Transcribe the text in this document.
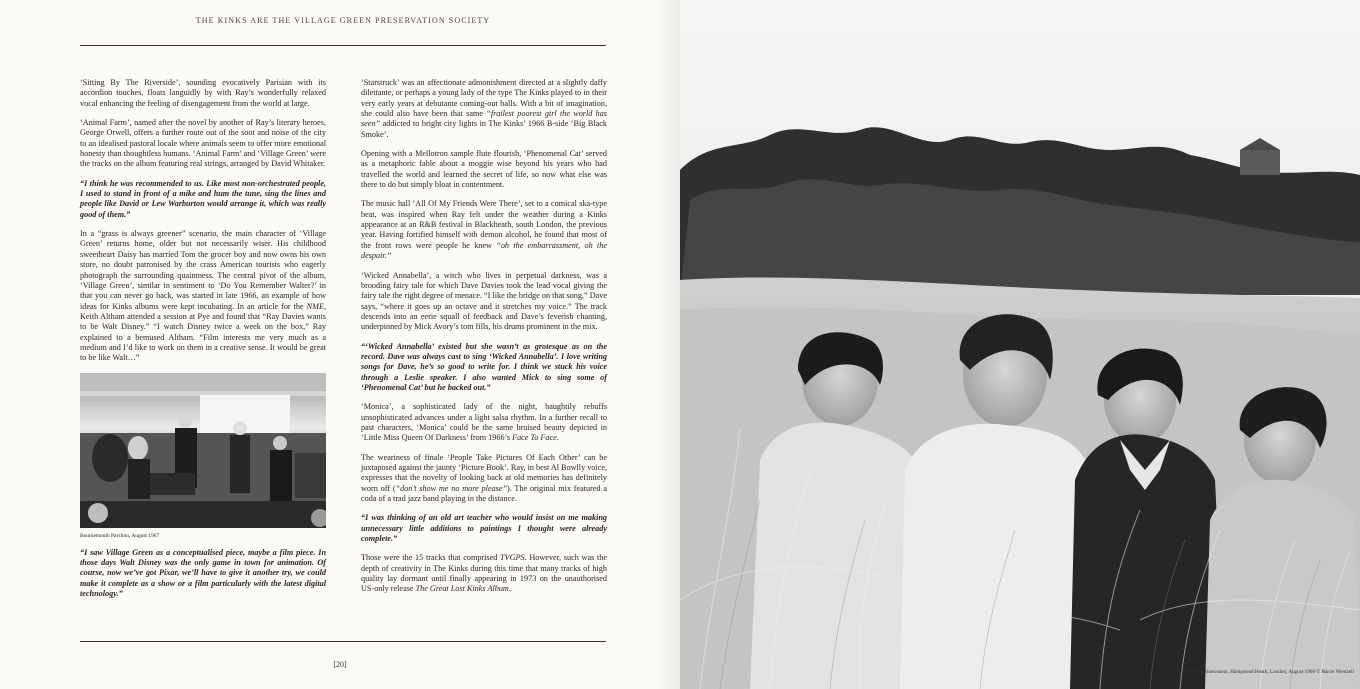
THE KINKS ARE THE VILLAGE GREEN PRESERVATION SOCIETY

‘Sitting By The Riverside’, sounding evocatively Parisian with its accordion touches, floats languidly by with Ray’s wonderfully relaxed vocal enhancing the feeling of disengagement from the world at large.

‘Animal Farm’, named after the novel by another of Ray’s literary heroes, George Orwell, offers a further route out of the soot and noise of the city to an idealised pastoral locale where animals seem to offer more emotional honesty than thoughtless humans. ‘Animal Farm’ and ‘Village Green’ were the tracks on the album featuring real strings, arranged by David Whitaker.

“I think he was recommended to us. Like most non-orchestrated people, I used to stand in front of a mike and hum the tune, sing the lines and people like David or Lew Warburton would arrange it, which was really good of them.”

In a “grass is always greener” scenario, the main character of ‘Village Green’ returns home, older but not necessarily wiser. His childhood sweetheart Daisy has married Tom the grocer boy and now owns his own store, no doubt patronised by the crass American tourists who eagerly photograph the surrounding quaintness. The central pivot of the album, ‘Village Green’, similar in sentiment to ‘Do You Remember Walter?’ in that you can never go back, was started in late 1966, an example of how ideas for Kinks albums were kept incubating. In an article for the NME, Keith Altham attended a session at Pye and found that “Ray Davies wants to be Walt Disney.” “I watch Disney twice a week on the box,” Ray explained to a bemused Altham. “Film interests me very much as a medium and I’d like to work on them in a creative sense. It would be great to be like Walt…”

Bournemouth Pavilion, August 1967

“I saw Village Green as a conceptualised piece, maybe a film piece. In those days Walt Disney was the only game in town for animation. Of course, now we’ve got Pixar, we’ll have to give it another try, we could make it complete as a show or a film particularly with the latest digital technology.”

‘Starstruck’ was an affectionate admonishment directed at a slightly daffy dilettante, or perhaps a young lady of the type The Kinks played to in their very early years at debutante coming-out balls. With a bit of imagination, she could also have been that same “frailest poorest girl the world has seen” addicted to bright city lights in The Kinks’ 1966 B-side ‘Big Black Smoke’.

Opening with a Mellotron sample flute flourish, ‘Phenomenal Cat’ served as a metaphoric fable about a moggie wise beyond his years who had travelled the world and learned the secret of life, so now what else was there to do but simply bloat in contentment.

The music hall ‘All Of My Friends Were There’, set to a comical ska-type beat, was inspired when Ray felt under the weather during a Kinks appearance at an R&B festival in Blackheath, south London, the previous year. Having fortified himself with demon alcohol, he found that most of the front rows were people he knew “oh the embarrassment, oh the despair.”

‘Wicked Annabella’, a witch who lives in perpetual darkness, was a brooding fairy tale for which Dave Davies took the lead vocal giving the fairy tale the right degree of menace. “I like the bridge on that song,” Dave says, “where it goes up an octave and it stretches my voice.” The track descends into an eerie squall of feedback and Dave’s feverish chanting, underpinned by Mick Avory’s tom fills, his drums prominent in the mix.

“‘Wicked Annabella’ existed but she wasn’t as grotesque as on the record. Dave was always cast to sing ‘Wicked Annabella’. I love writing songs for Dave, he’s so good to write for. I think we stuck his voice through a Leslie speaker. I also wanted Mick to sing some of ‘Phenomenal Cat’ but he backed out.”

‘Monica’, a sophisticated lady of the night, haughtily rebuffs unsophisticated advances under a light salsa rhythm. In a further recall to past characters, ‘Monica’ could be the same bruised beauty depicted in ‘Little Miss Queen Of Darkness’ from 1966’s Face To Face.

The weariness of finale ‘People Take Pictures Of Each Other’ can be juxtaposed against the jaunty ‘Picture Book’. Ray, in best Al Bowlly voice, expresses that the novelty of looking back at old memories has definitely worn off (“don’t show me no more please”). The original mix featured a coda of a trad jazz band playing in the distance.

“I was thinking of an old art teacher who would insist on me making unnecessary little additions to paintings I thought were already complete.”

Those were the 15 tracks that comprised TVGPS. However, such was the depth of creativity in The Kinks during this time that many tracks of high quality lay dormant until finally appearing in 1973 on the unauthorised US-only release The Great Lost Kinks Album.

[20]
Village Green photoshoot, Hampstead Heath, London, August 1968 © Barrie Wentzell
